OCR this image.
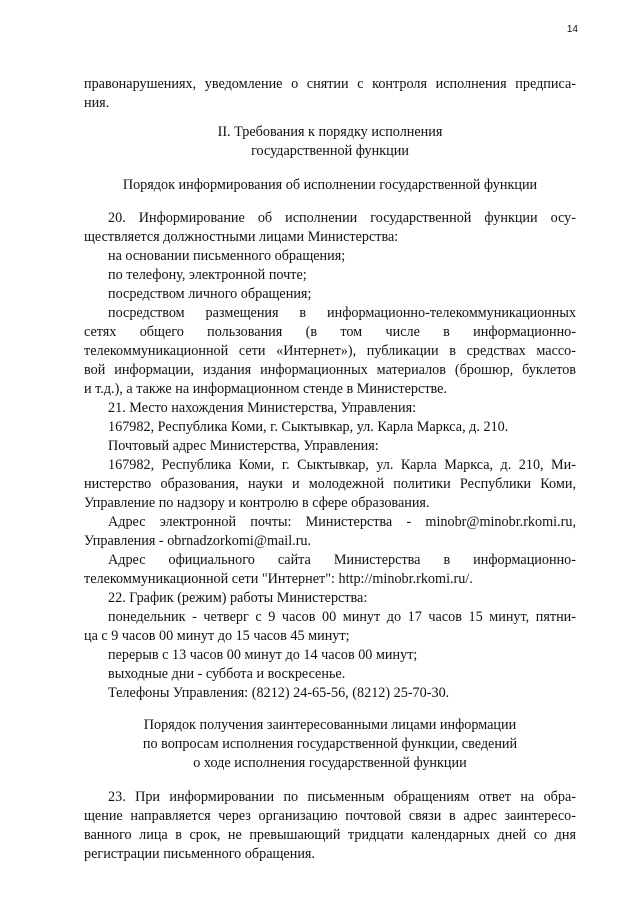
14
правонарушениях, уведомление о снятии с контроля исполнения предписа-
ния.
II. Требования к порядку исполнения
государственной функции
Порядок информирования об исполнении государственной функции
20. Информирование об исполнении государственной функции осу-
ществляется должностными лицами Министерства:
на основании письменного обращения;
по телефону, электронной почте;
посредством личного обращения;
посредством размещения в информационно-телекоммуникационных
сетях общего пользования (в том числе в информационно-
телекоммуникационной сети «Интернет»), публикации в средствах массо-
вой информации, издания информационных материалов (брошюр, буклетов
и т.д.), а также на информационном стенде в Министерстве.
21. Место нахождения Министерства, Управления:
167982, Республика Коми, г. Сыктывкар, ул. Карла Маркса, д. 210.
Почтовый адрес Министерства, Управления:
167982, Республика Коми, г. Сыктывкар, ул. Карла Маркса, д. 210, Ми-
нистерство образования, науки и молодежной политики Республики Коми,
Управление по надзору и контролю в сфере образования.
Адрес электронной почты: Министерства - minobr@minobr.rkomi.ru,
Управления - obrnadzorkomi@mail.ru.
Адрес официального сайта Министерства в информационно-
телекоммуникационной сети "Интернет": http://minobr.rkomi.ru/.
22. График (режим) работы Министерства:
понедельник - четверг с 9 часов 00 минут до 17 часов 15 минут, пятни-
ца с 9 часов 00 минут до 15 часов 45 минут;
перерыв с 13 часов 00 минут до 14 часов 00 минут;
выходные дни - суббота и воскресенье.
Телефоны Управления: (8212) 24-65-56, (8212) 25-70-30.
Порядок получения заинтересованными лицами информации
по вопросам исполнения государственной функции, сведений
о ходе исполнения государственной функции
23. При информировании по письменным обращениям ответ на обра-
щение направляется через организацию почтовой связи в адрес заинтересо-
ванного лица в срок, не превышающий тридцати календарных дней со дня
регистрации письменного обращения.
